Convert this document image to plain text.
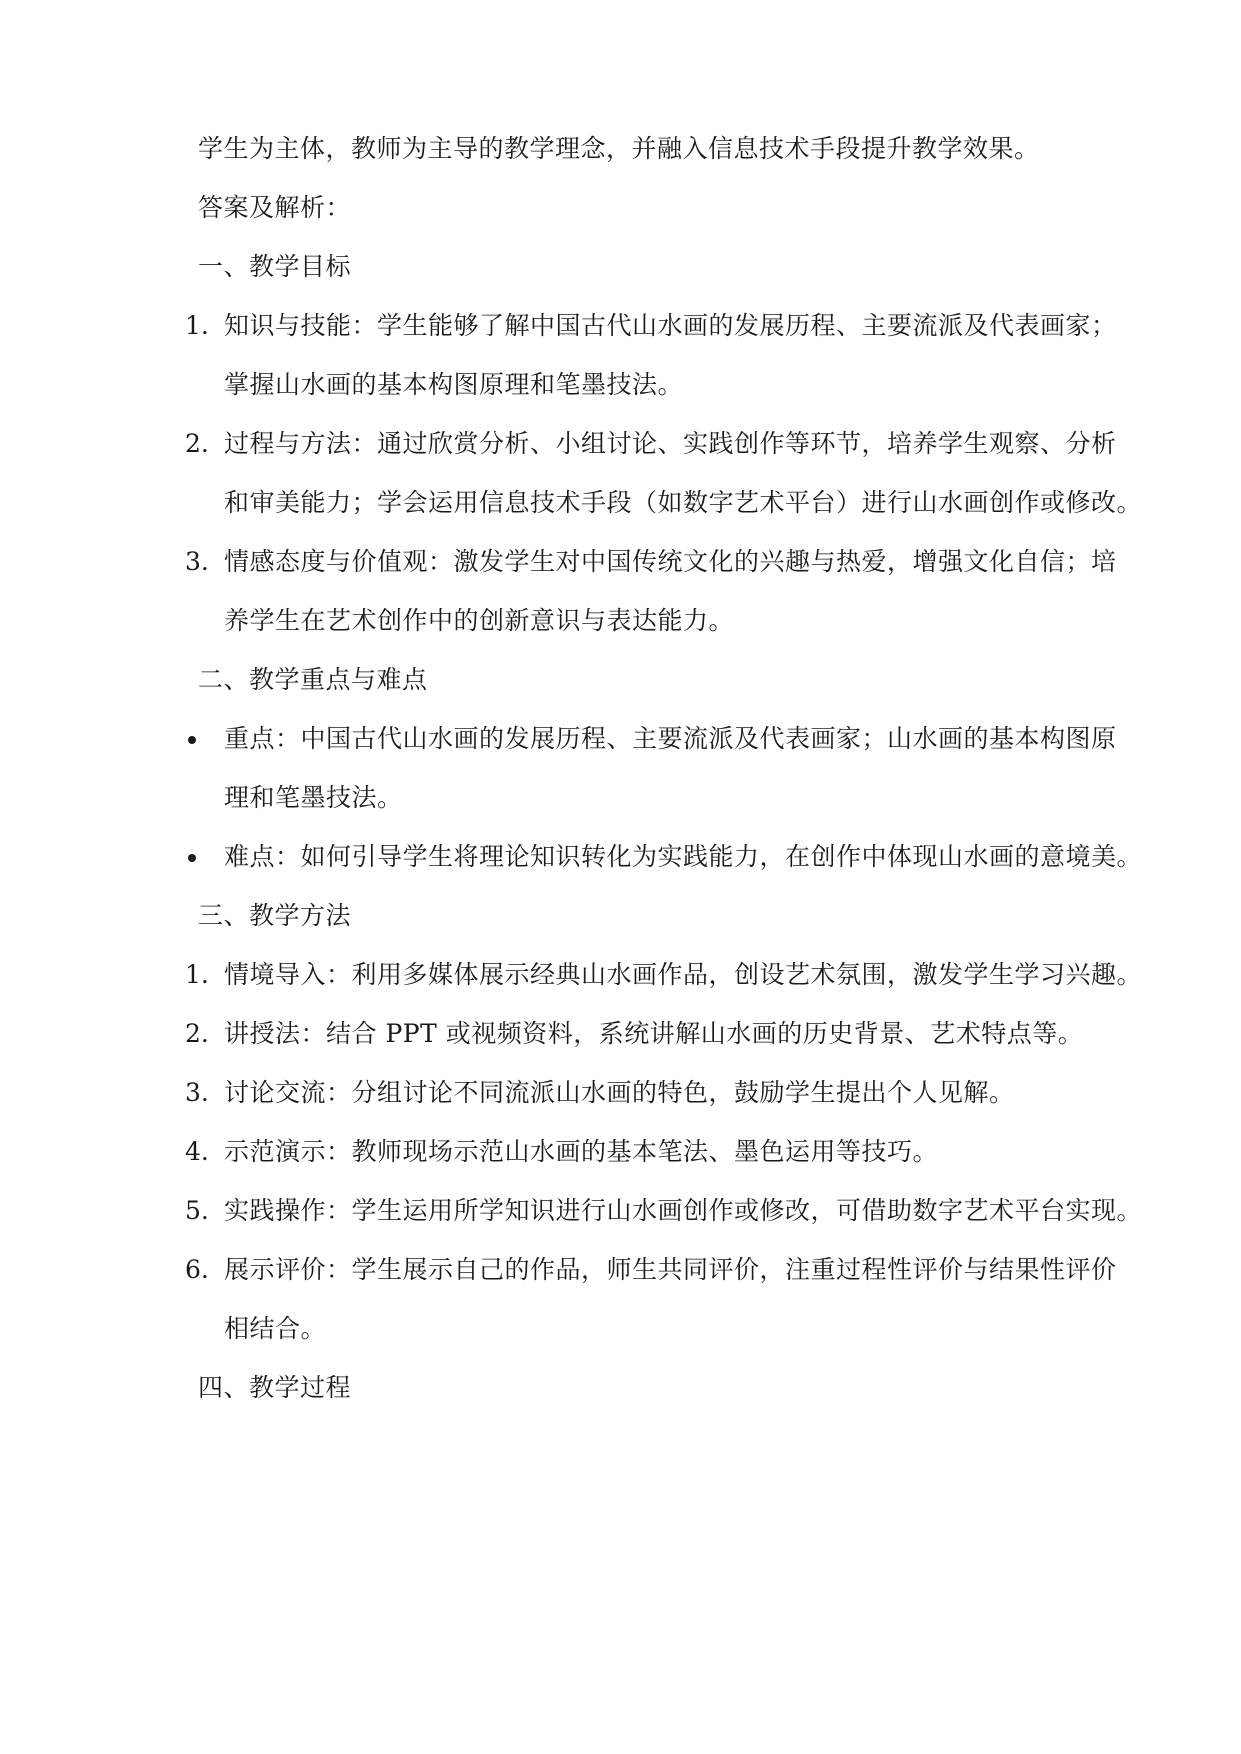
学生为主体，教师为主导的教学理念，并融入信息技术手段提升教学效果。
答案及解析：
一、教学目标
1. 知识与技能：学生能够了解中国古代山水画的发展历程、主要流派及代表画家；
掌握山水画的基本构图原理和笔墨技法。
2. 过程与方法：通过欣赏分析、小组讨论、实践创作等环节，培养学生观察、分析
和审美能力；学会运用信息技术手段（如数字艺术平台）进行山水画创作或修改。
3. 情感态度与价值观：激发学生对中国传统文化的兴趣与热爱，增强文化自信；培
养学生在艺术创作中的创新意识与表达能力。
二、教学重点与难点
重点：中国古代山水画的发展历程、主要流派及代表画家；山水画的基本构图原
理和笔墨技法。
难点：如何引导学生将理论知识转化为实践能力，在创作中体现山水画的意境美。
三、教学方法
1. 情境导入：利用多媒体展示经典山水画作品，创设艺术氛围，激发学生学习兴趣。
2. 讲授法：结合 PPT 或视频资料，系统讲解山水画的历史背景、艺术特点等。
3. 讨论交流：分组讨论不同流派山水画的特色，鼓励学生提出个人见解。
4. 示范演示：教师现场示范山水画的基本笔法、墨色运用等技巧。
5. 实践操作：学生运用所学知识进行山水画创作或修改，可借助数字艺术平台实现。
6. 展示评价：学生展示自己的作品，师生共同评价，注重过程性评价与结果性评价
相结合。
四、教学过程
